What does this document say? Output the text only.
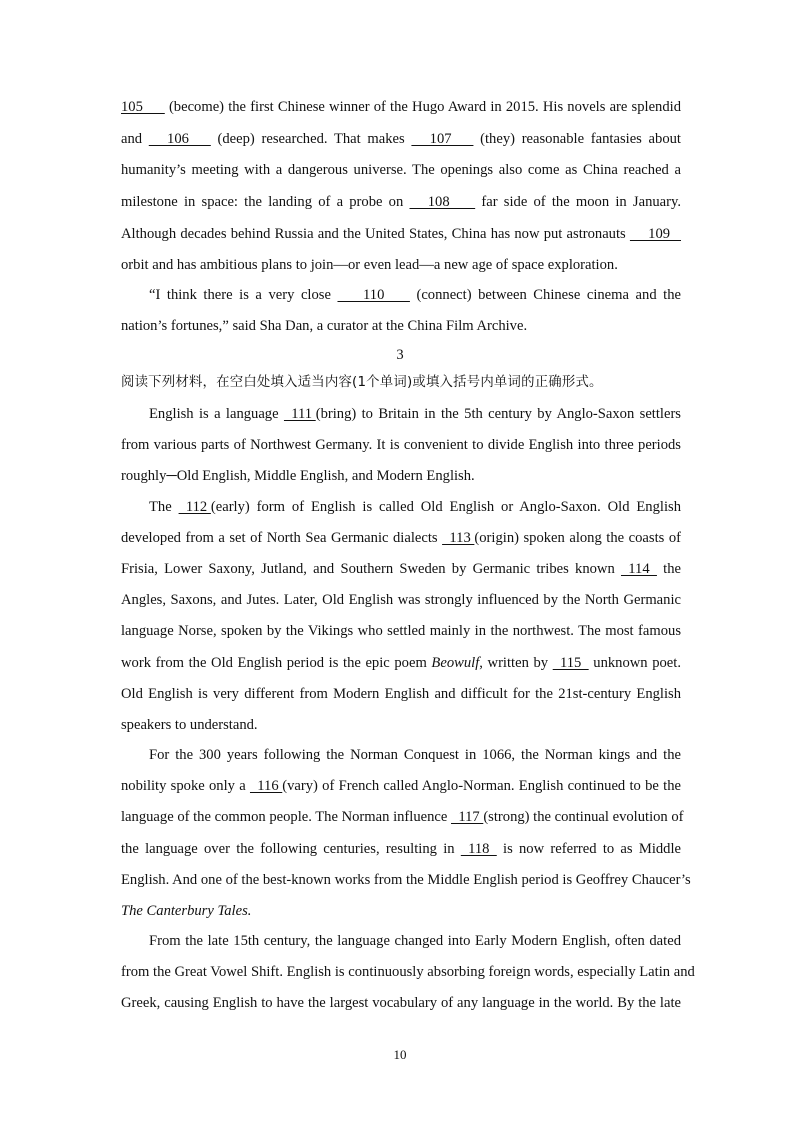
105       (become) the first Chinese winner of the Hugo Award in 2015. His novels are splendid
and      106       (deep) researched. That makes      107       (they) reasonable fantasies about
humanity’s meeting with a dangerous universe. The openings also come as China reached a
milestone in space: the landing of a probe on      108        far side of the moon in January.
Although decades behind Russia and the United States, China has now put astronauts      109
orbit and has ambitious plans to join—or even lead—a new age of space exploration.
“I think there is a very close        110        (connect) between Chinese cinema and the
nation’s fortunes,” said Sha Dan, a curator at the China Film Archive.
3
阅读下列材料，在空白处填入适当内容(1个单词)或填入括号内单词的正确形式。
English is a language   111 (bring) to Britain in the 5th century by Anglo-Saxon settlers
from various parts of Northwest Germany. It is convenient to divide English into three periods
roughly─Old English, Middle English, and Modern English.
The   112 (early) form of English is called Old English or Anglo-Saxon. Old English
developed from a set of North Sea Germanic dialects   113 (origin) spoken along the coasts of
Frisia, Lower Saxony, Jutland, and Southern Sweden by Germanic tribes known   114   the
Angles, Saxons, and Jutes. Later, Old English was strongly influenced by the North Germanic
language Norse, spoken by the Vikings who settled mainly in the northwest. The most famous
work from the Old English period is the epic poem Beowulf, written by   115   unknown poet.
Old English is very different from Modern English and difficult for the 21st-century English
speakers to understand.
For the 300 years following the Norman Conquest in 1066, the Norman kings and the
nobility spoke only a   116 (vary) of French called Anglo-Norman. English continued to be the
language of the common people. The Norman influence   117 (strong) the continual evolution of
the language over the following centuries, resulting in   118   is now referred to as Middle
English. And one of the best-known works from the Middle English period is Geoffrey Chaucer’s
The Canterbury Tales.
From the late 15th century, the language changed into Early Modern English, often dated
from the Great Vowel Shift. English is continuously absorbing foreign words, especially Latin and
Greek, causing English to have the largest vocabulary of any language in the world. By the late
10
